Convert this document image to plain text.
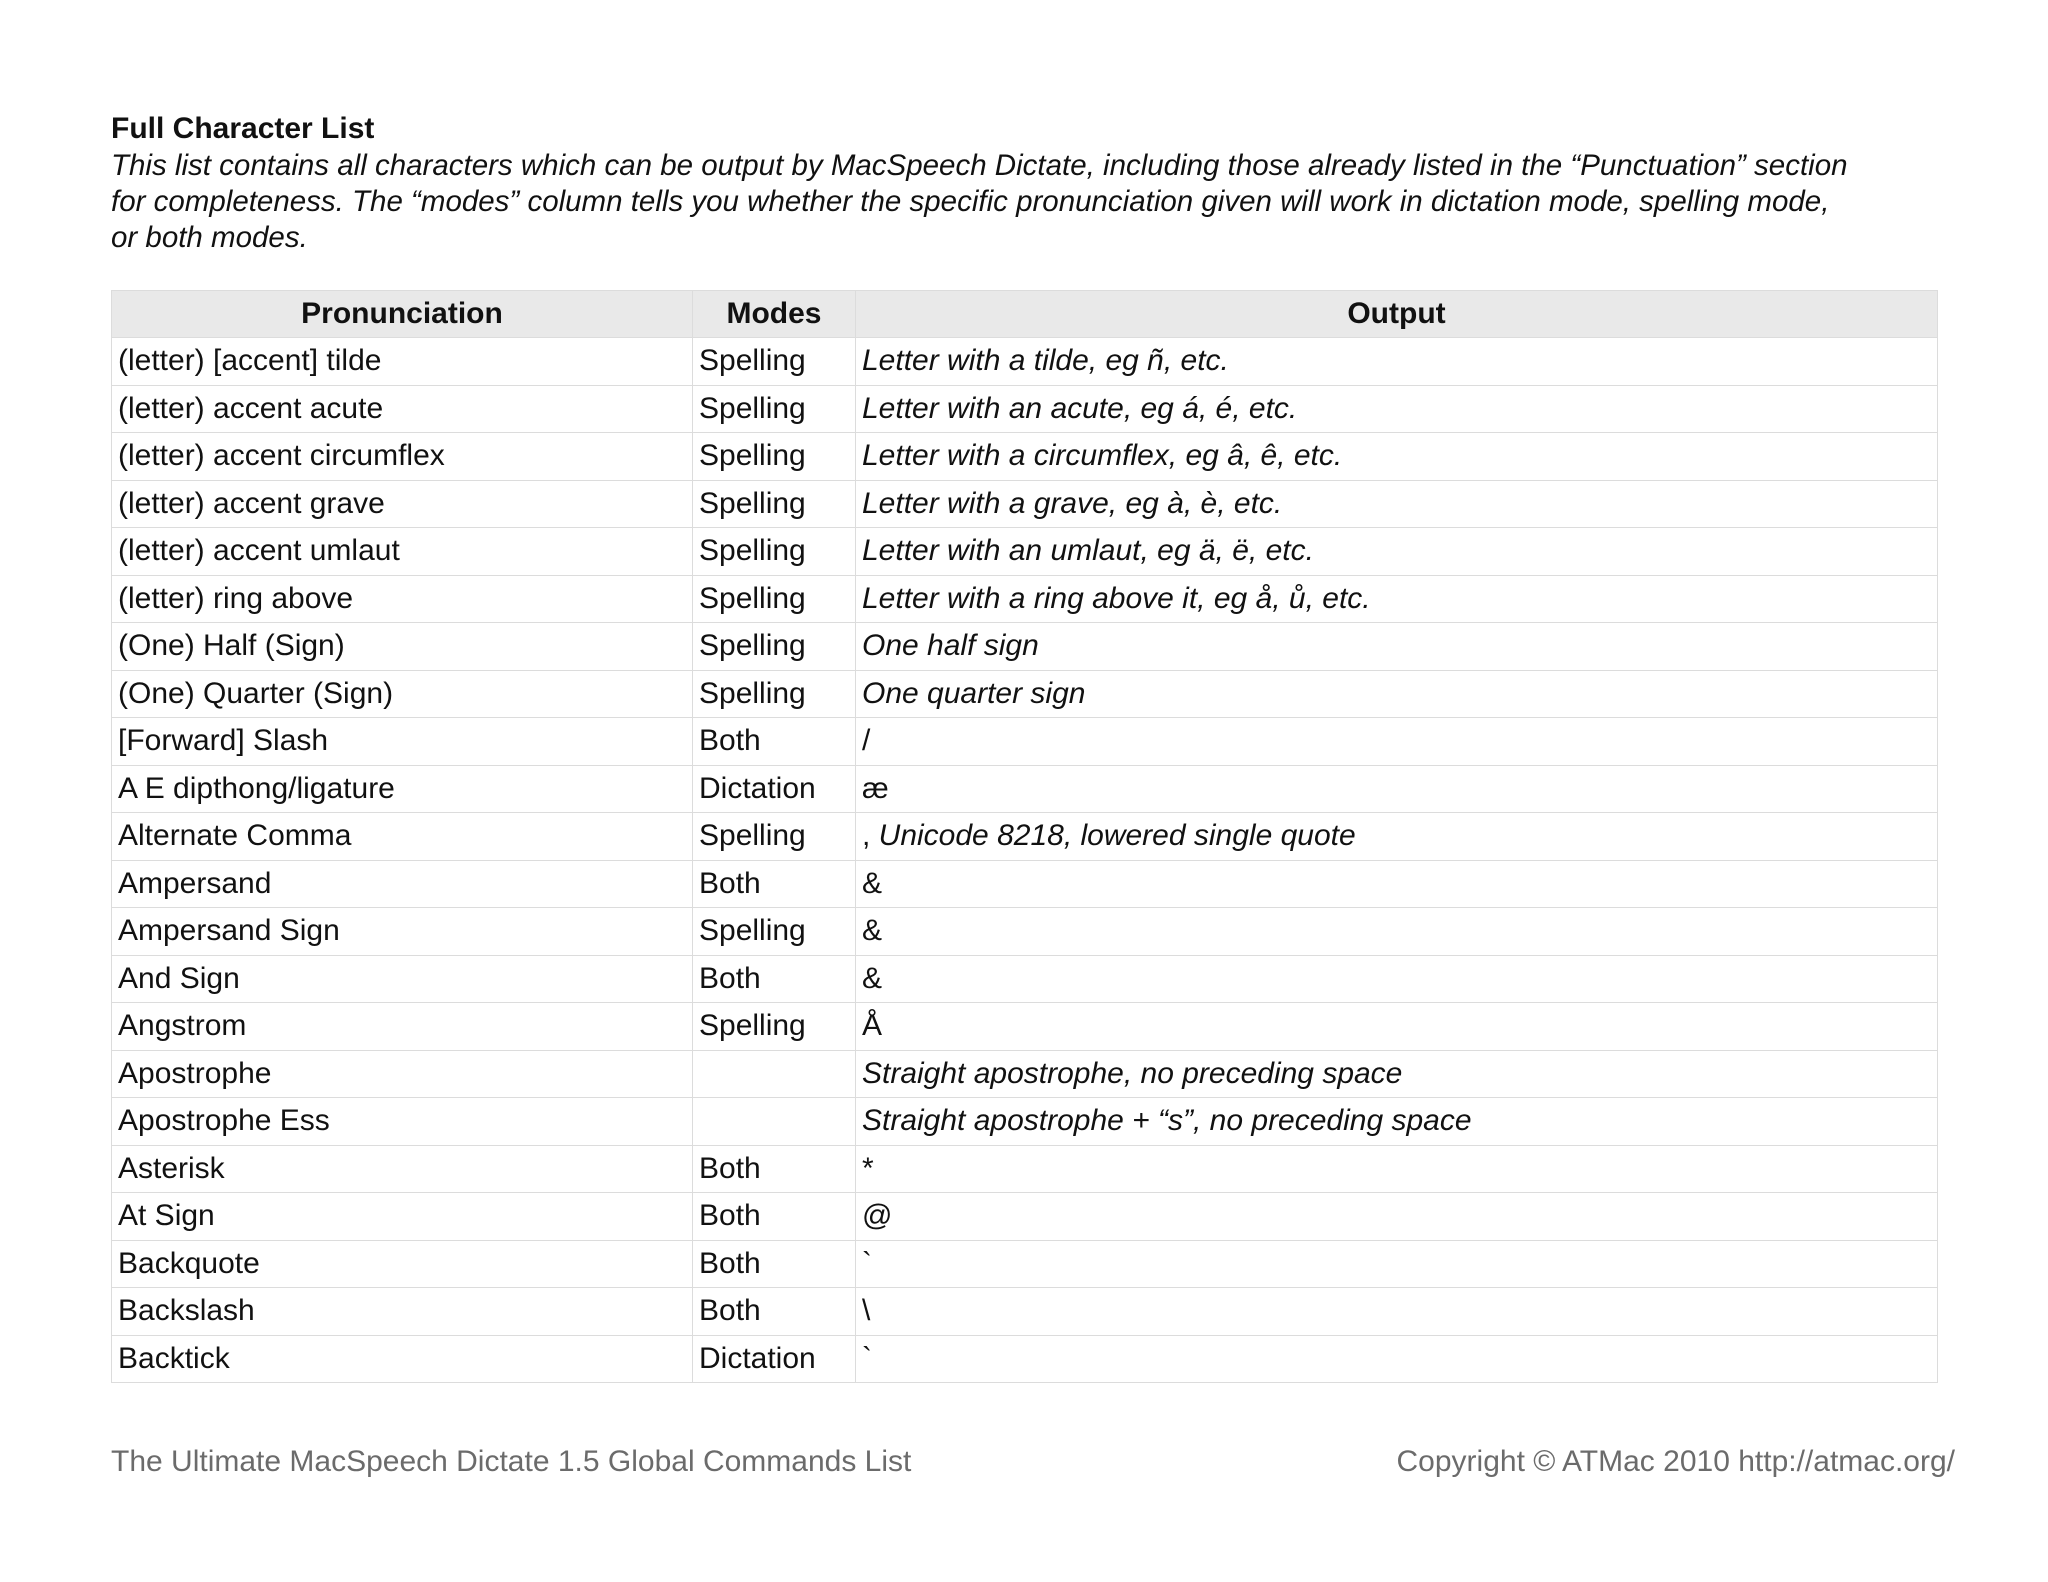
Full Character List

This list contains all characters which can be output by MacSpeech Dictate, including those already listed in the “Punctuation” section
for completeness. The “modes” column tells you whether the specific pronunciation given will work in dictation mode, spelling mode,
or both modes.

Pronunciation	Modes	Output
(letter) [accent] tilde	Spelling	Letter with a tilde, eg ñ, etc.
(letter) accent acute	Spelling	Letter with an acute, eg á, é, etc.
(letter) accent circumflex	Spelling	Letter with a circumflex, eg â, ê, etc.
(letter) accent grave	Spelling	Letter with a grave, eg à, è, etc.
(letter) accent umlaut	Spelling	Letter with an umlaut, eg ä, ë, etc.
(letter) ring above	Spelling	Letter with a ring above it, eg å, ů, etc.
(One) Half (Sign)	Spelling	One half sign
(One) Quarter (Sign)	Spelling	One quarter sign
[Forward] Slash	Both	/
A E dipthong/ligature	Dictation	æ
Alternate Comma	Spelling	, Unicode 8218, lowered single quote
Ampersand	Both	&
Ampersand Sign	Spelling	&
And Sign	Both	&
Angstrom	Spelling	Å
Apostrophe		Straight apostrophe, no preceding space
Apostrophe Ess		Straight apostrophe + “s”, no preceding space
Asterisk	Both	*
At Sign	Both	@
Backquote	Both	`
Backslash	Both	\
Backtick	Dictation	`
The Ultimate MacSpeech Dictate 1.5 Global Commands List	Copyright © ATMac 2010 http://atmac.org/
